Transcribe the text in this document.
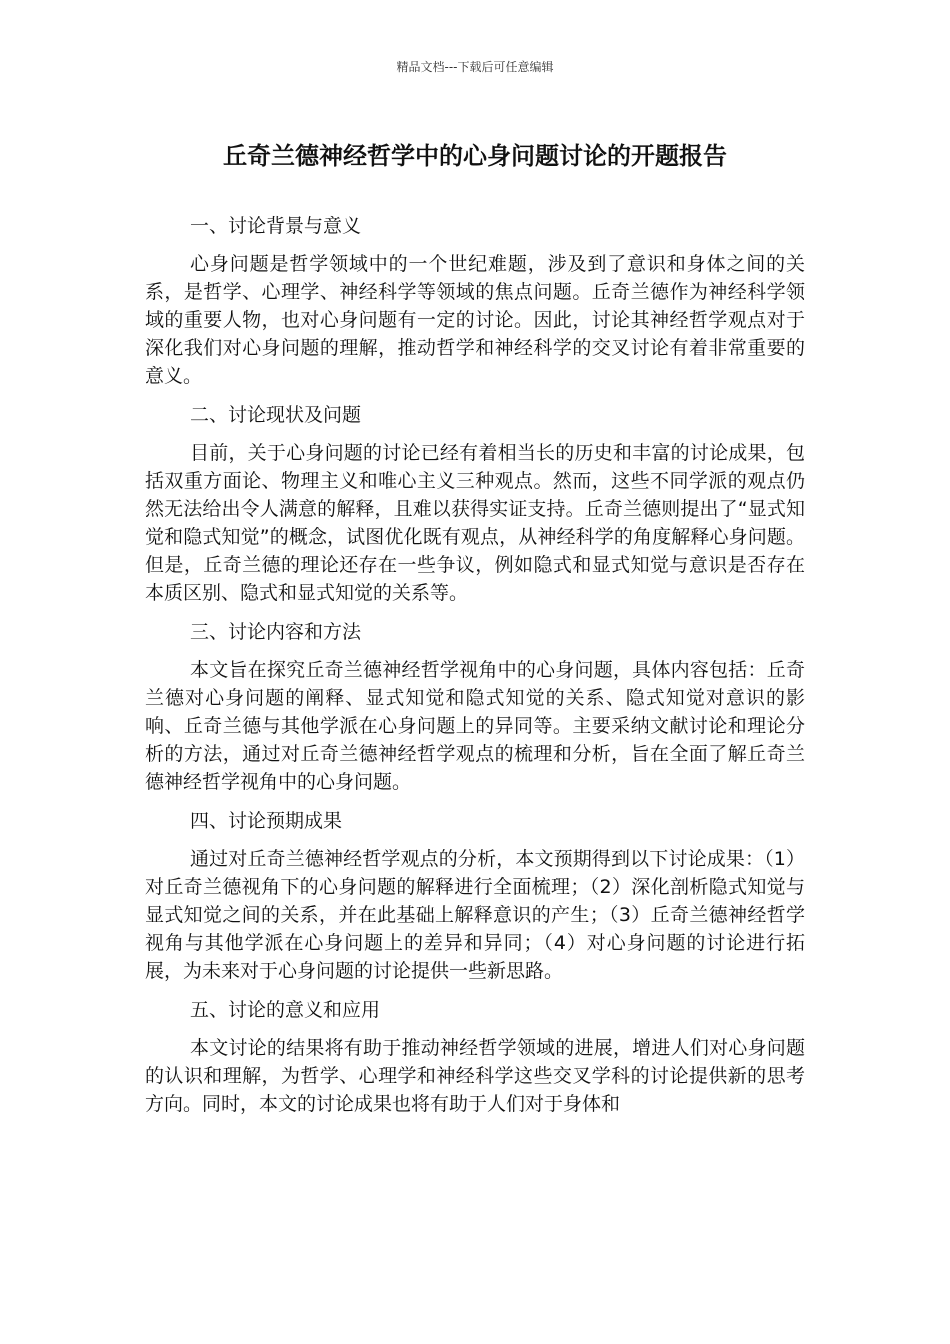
精品文档---下载后可任意编辑
丘奇兰德神经哲学中的心身问题讨论的开题报告

一、讨论背景与意义

心身问题是哲学领域中的一个世纪难题，涉及到了意识和身体之间的关系，是哲学、心理学、神经科学等领域的焦点问题。丘奇兰德作为神经科学领域的重要人物，也对心身问题有一定的讨论。因此，讨论其神经哲学观点对于深化我们对心身问题的理解，推动哲学和神经科学的交叉讨论有着非常重要的意义。

二、讨论现状及问题

目前，关于心身问题的讨论已经有着相当长的历史和丰富的讨论成果，包括双重方面论、物理主义和唯心主义三种观点。然而，这些不同学派的观点仍然无法给出令人满意的解释，且难以获得实证支持。丘奇兰德则提出了“显式知觉和隐式知觉”的概念，试图优化既有观点，从神经科学的角度解释心身问题。但是，丘奇兰德的理论还存在一些争议，例如隐式和显式知觉与意识是否存在本质区别、隐式和显式知觉的关系等。

三、讨论内容和方法

本文旨在探究丘奇兰德神经哲学视角中的心身问题，具体内容包括：丘奇兰德对心身问题的阐释、显式知觉和隐式知觉的关系、隐式知觉对意识的影响、丘奇兰德与其他学派在心身问题上的异同等。主要采纳文献讨论和理论分析的方法，通过对丘奇兰德神经哲学观点的梳理和分析，旨在全面了解丘奇兰德神经哲学视角中的心身问题。

四、讨论预期成果

通过对丘奇兰德神经哲学观点的分析，本文预期得到以下讨论成果：（1）对丘奇兰德视角下的心身问题的解释进行全面梳理；（2）深化剖析隐式知觉与显式知觉之间的关系，并在此基础上解释意识的产生；（3）丘奇兰德神经哲学视角与其他学派在心身问题上的差异和异同；（4）对心身问题的讨论进行拓展，为未来对于心身问题的讨论提供一些新思路。

五、讨论的意义和应用

本文讨论的结果将有助于推动神经哲学领域的进展，增进人们对心身问题的认识和理解，为哲学、心理学和神经科学这些交叉学科的讨论提供新的思考方向。同时，本文的讨论成果也将有助于人们对于身体和
